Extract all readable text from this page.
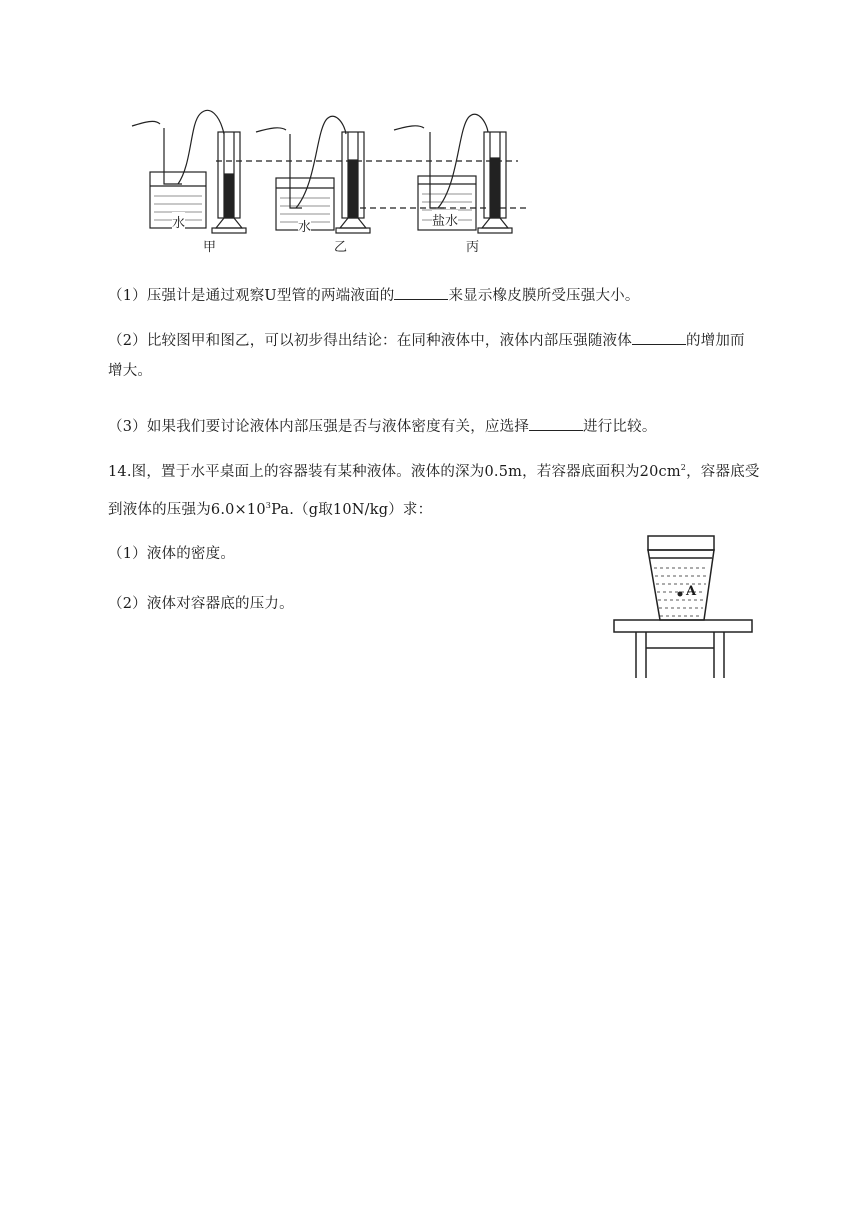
水	水	盐水
甲	乙	丙
（1）压强计是通过观察U型管的两端液面的	来显示橡皮膜所受压强大小。
（2）比较图甲和图乙，可以初步得出结论：在同种液体中，液体内部压强随液体	的增加而增大。
（3）如果我们要讨论液体内部压强是否与液体密度有关，应选择	进行比较。
14.图，置于水平桌面上的容器装有某种液体。液体的深为0.5m，若容器底面积为$20cm^2$，容器底受
到液体的压强为$6.0\times 10^3Pa.(g$取10N/kg）求：
（1）液体的密度。
（2）液体对容器底的压力。
A
